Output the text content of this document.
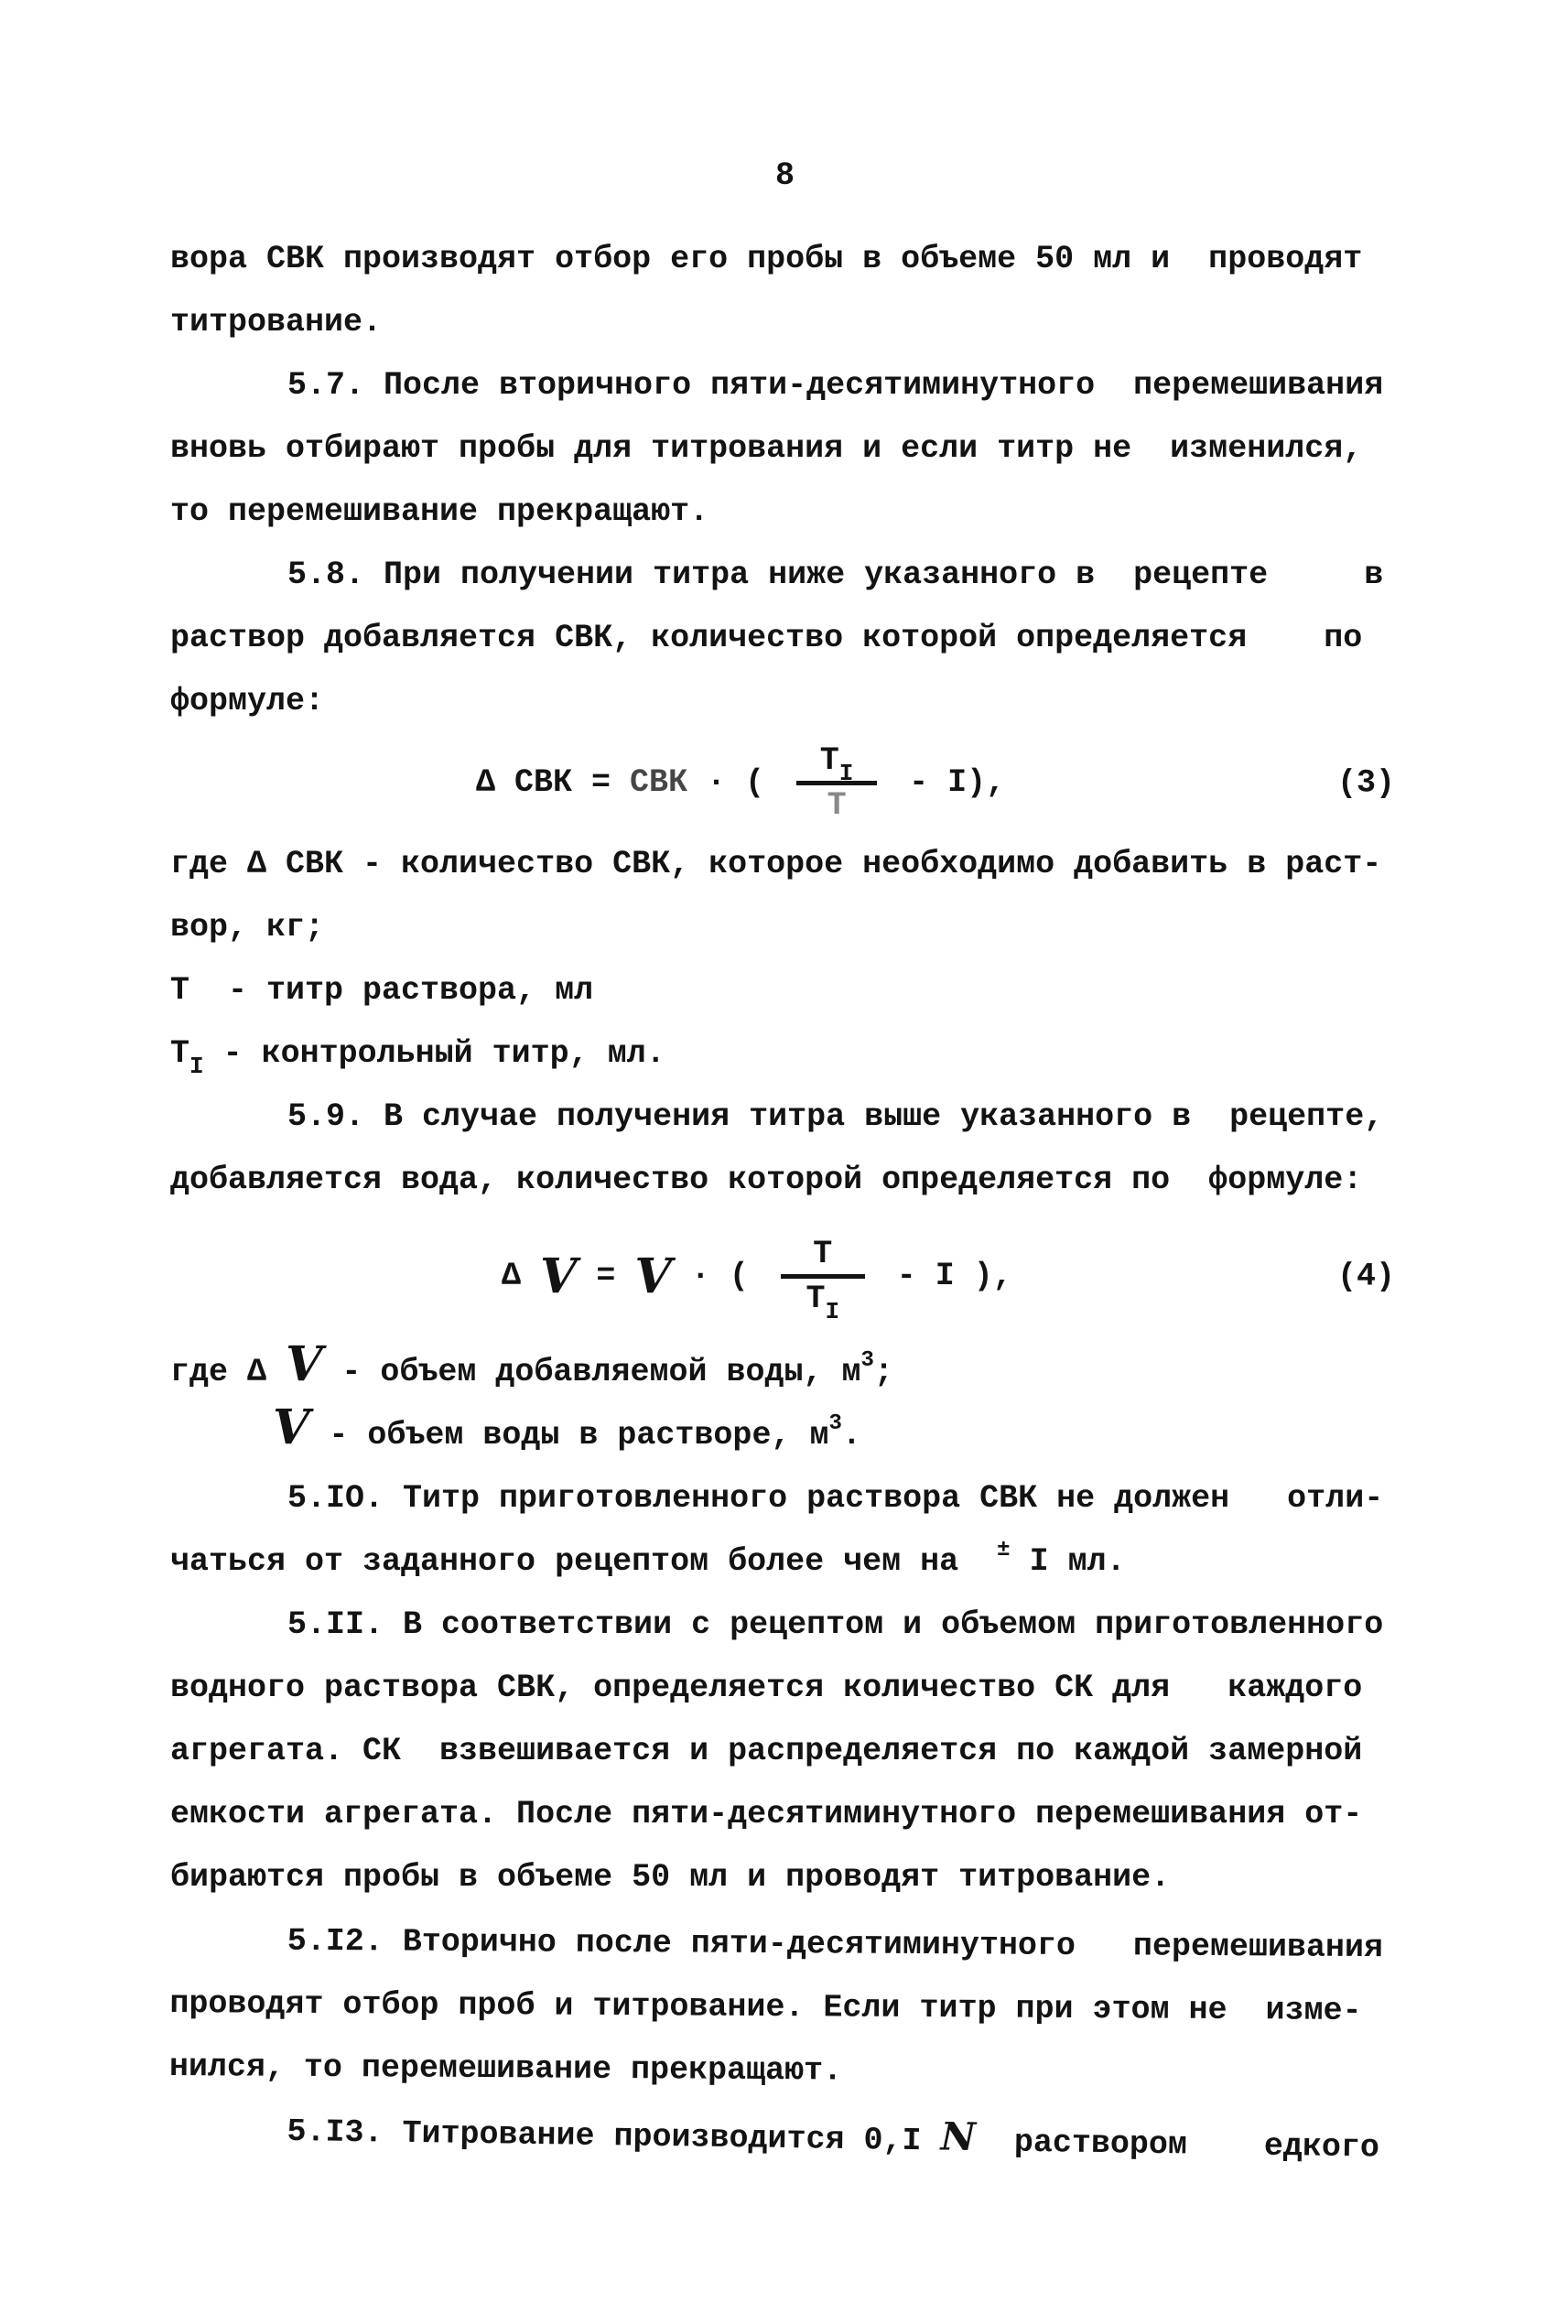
8
вора СВК производят отбор его пробы в объеме 50 мл и  проводят
титрование.
5.7. После вторичного пяти-десятиминутного  перемешивания
вновь отбирают пробы для титрования и если титр не  изменился,
то перемешивание прекращают.
5.8. При получении титра ниже указанного в  рецепте     в
раствор добавляется СВК, количество которой определяется    по
формуле:
Δ СВК = СВК · (
$Т_I$
Т
- I),	(3)
где Δ СВК - количество СВК, которое необходимо добавить в раст-
вор, кг;
Т  - титр раствора, мл
$Т_I$ - контрольный титр, мл.
5.9. В случае получения титра выше указанного в  рецепте,
добавляется вода, количество которой определяется по  формуле:
Δ V = V · (
Т
$Т_I$
- I ),	(4)
где Δ V - объем добавляемой воды, $м^3$;
V - объем воды в растворе, $м^3$.
5.IO. Титр приготовленного раствора СВК не должен   отли-
чаться от заданного рецептом более чем на  ± I мл.
5.II. В соответствии с рецептом и объемом приготовленного
водного раствора СВК, определяется количество СК для   каждого
агрегата. СК  взвешивается и распределяется по каждой замерной
емкости агрегата. После пяти-десятиминутного перемешивания от-
бираются пробы в объеме 50 мл и проводят титрование.
5.I2. Вторично после пяти-десятиминутного   перемешивания
проводят отбор проб и титрование. Если титр при этом не  изме-
нился, то перемешивание прекращают.
5.I3. Титрование производится 0,I N  раствором    едкого
